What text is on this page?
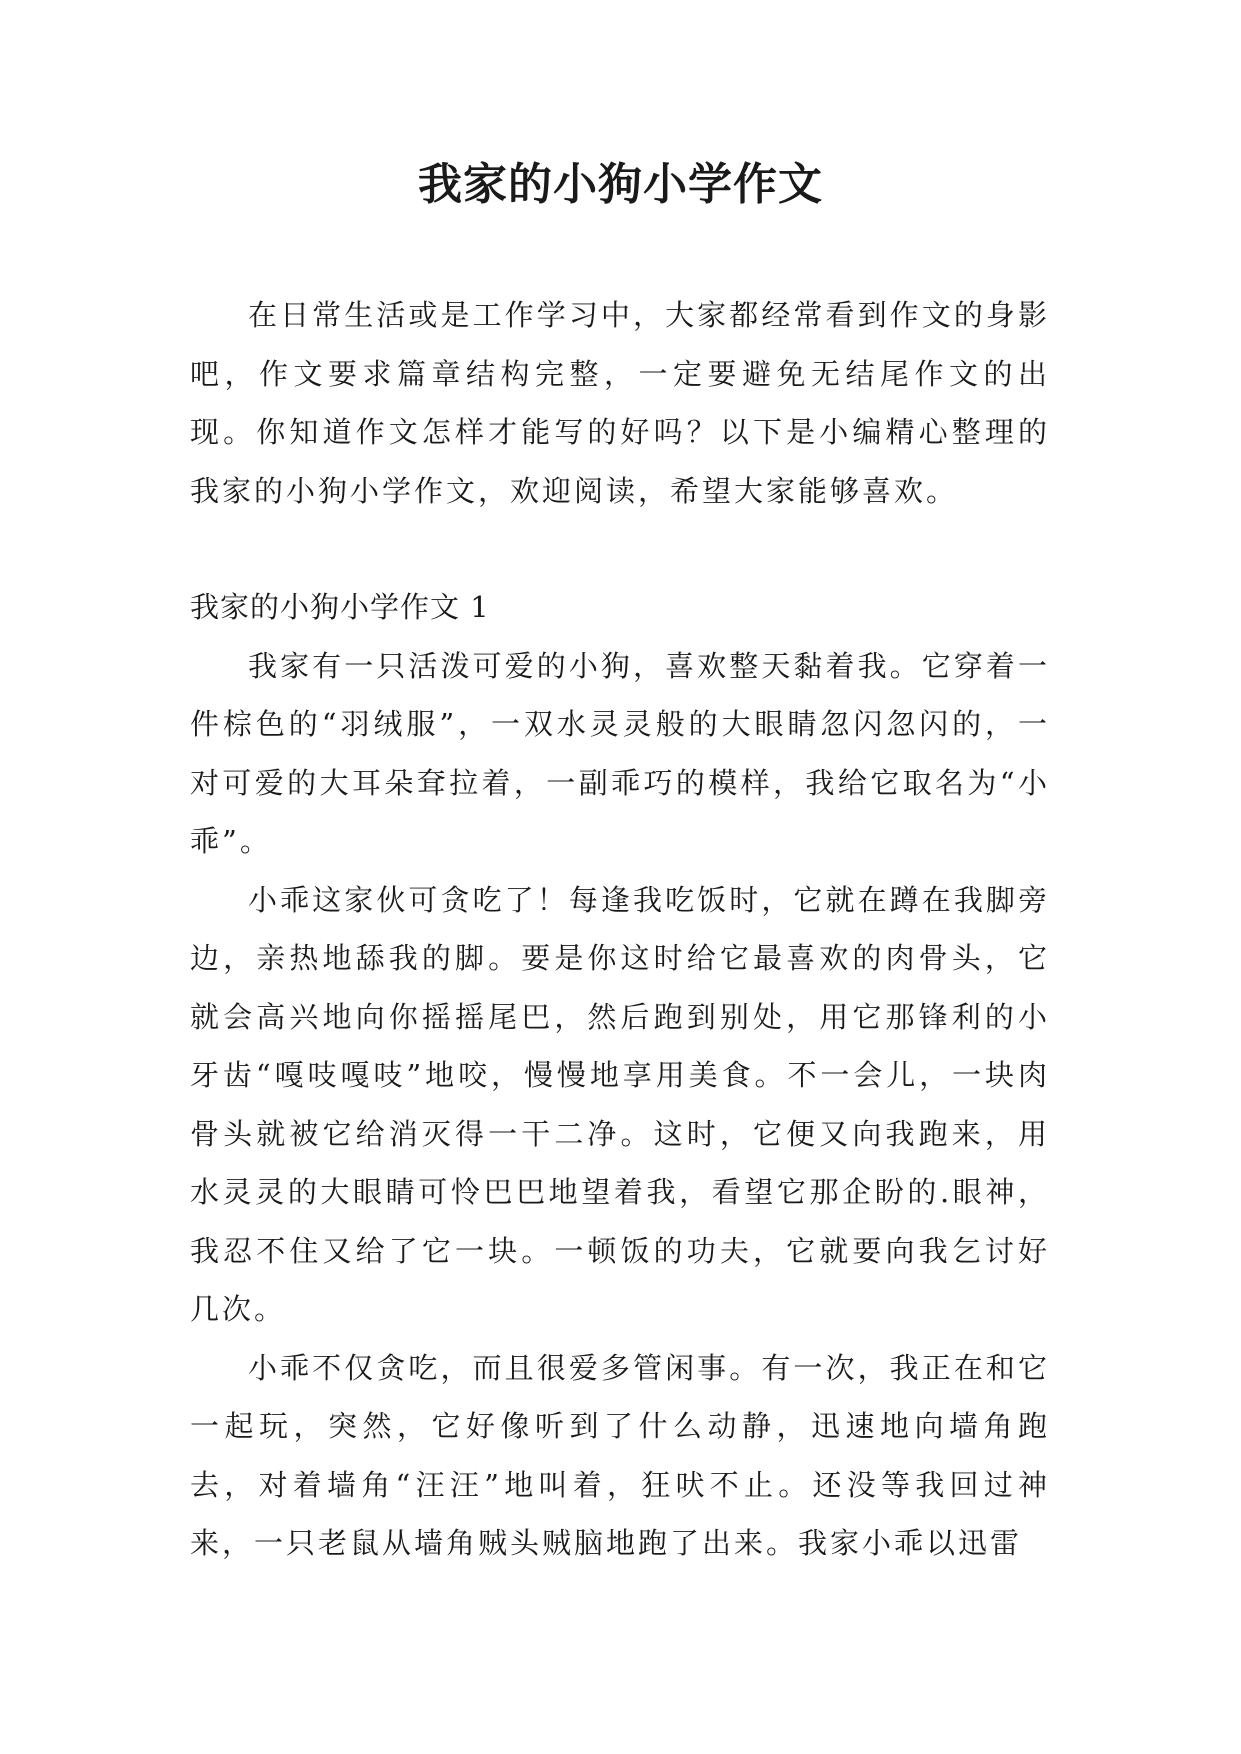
我家的小狗小学作文

在日常生活或是工作学习中，大家都经常看到作文的身影吧，作文要求篇章结构完整，一定要避免无结尾作文的出现。你知道作文怎样才能写的好吗？以下是小编精心整理的我家的小狗小学作文，欢迎阅读，希望大家能够喜欢。

我家的小狗小学作文 1

我家有一只活泼可爱的小狗，喜欢整天黏着我。它穿着一件棕色的“羽绒服”，一双水灵灵般的大眼睛忽闪忽闪的，一对可爱的大耳朵耷拉着，一副乖巧的模样，我给它取名为“小乖”。

小乖这家伙可贪吃了！每逢我吃饭时，它就在蹲在我脚旁边，亲热地舔我的脚。要是你这时给它最喜欢的肉骨头，它就会高兴地向你摇摇尾巴，然后跑到别处，用它那锋利的小牙齿“嘎吱嘎吱”地咬，慢慢地享用美食。不一会儿，一块肉骨头就被它给消灭得一干二净。这时，它便又向我跑来，用水灵灵的大眼睛可怜巴巴地望着我，看望它那企盼的.眼神，我忍不住又给了它一块。一顿饭的功夫，它就要向我乞讨好几次。

小乖不仅贪吃，而且很爱多管闲事。有一次，我正在和它一起玩，突然，它好像听到了什么动静，迅速地向墙角跑去，对着墙角“汪汪”地叫着，狂吠不止。还没等我回过神来，一只老鼠从墙角贼头贼脑地跑了出来。我家小乖以迅雷
